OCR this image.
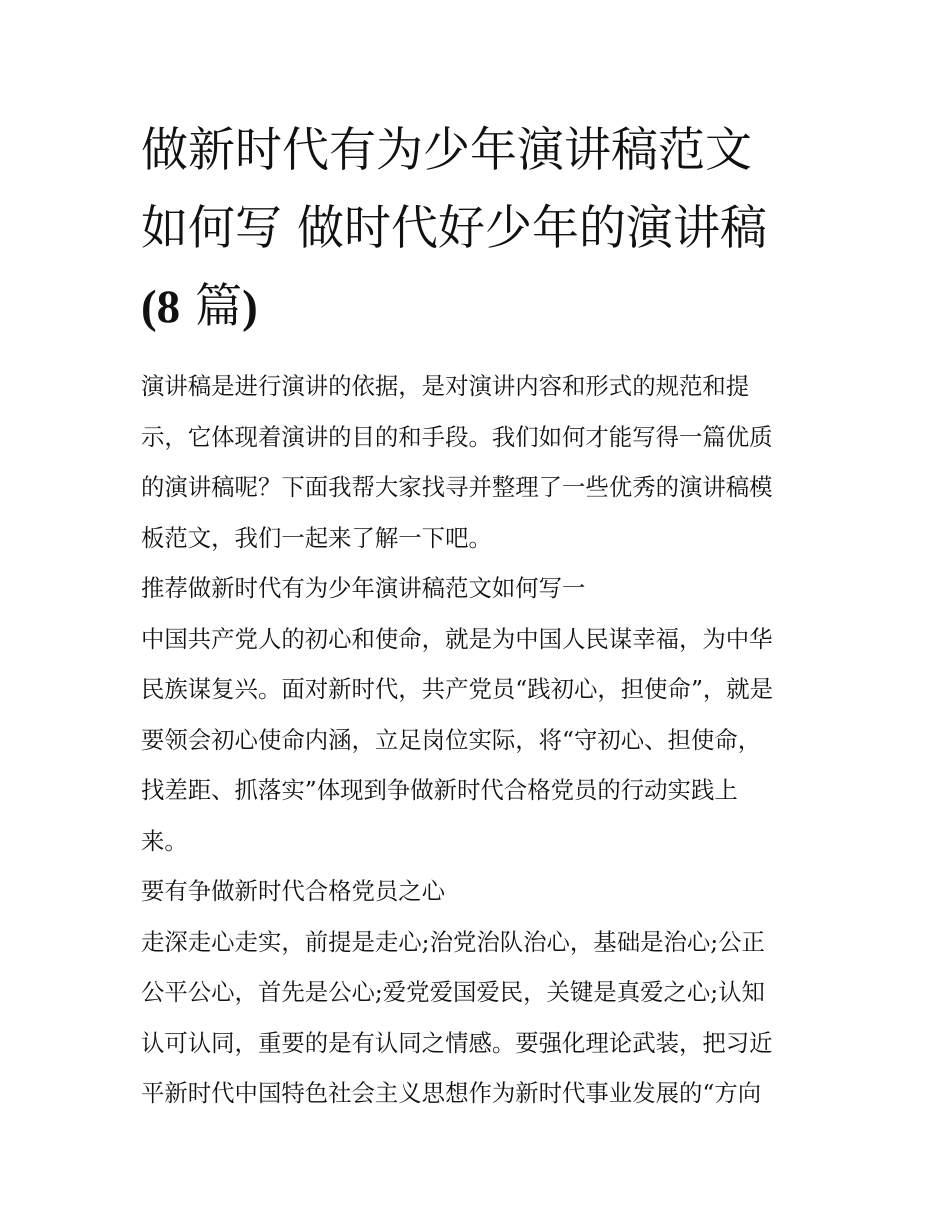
做新时代有为少年演讲稿范文
如何写 做时代好少年的演讲稿
(8 篇)

演讲稿是进行演讲的依据，是对演讲内容和形式的规范和提
示，它体现着演讲的目的和手段。我们如何才能写得一篇优质
的演讲稿呢？下面我帮大家找寻并整理了一些优秀的演讲稿模
板范文，我们一起来了解一下吧。

推荐做新时代有为少年演讲稿范文如何写一

中国共产党人的初心和使命，就是为中国人民谋幸福，为中华
民族谋复兴。面对新时代，共产党员“践初心，担使命”，就是
要领会初心使命内涵，立足岗位实际，将“守初心、担使命，
找差距、抓落实”体现到争做新时代合格党员的行动实践上
来。

要有争做新时代合格党员之心

走深走心走实，前提是走心;治党治队治心，基础是治心;公正
公平公心，首先是公心;爱党爱国爱民，关键是真爱之心;认知
认可认同，重要的是有认同之情感。要强化理论武装，把习近
平新时代中国特色社会主义思想作为新时代事业发展的“方向
